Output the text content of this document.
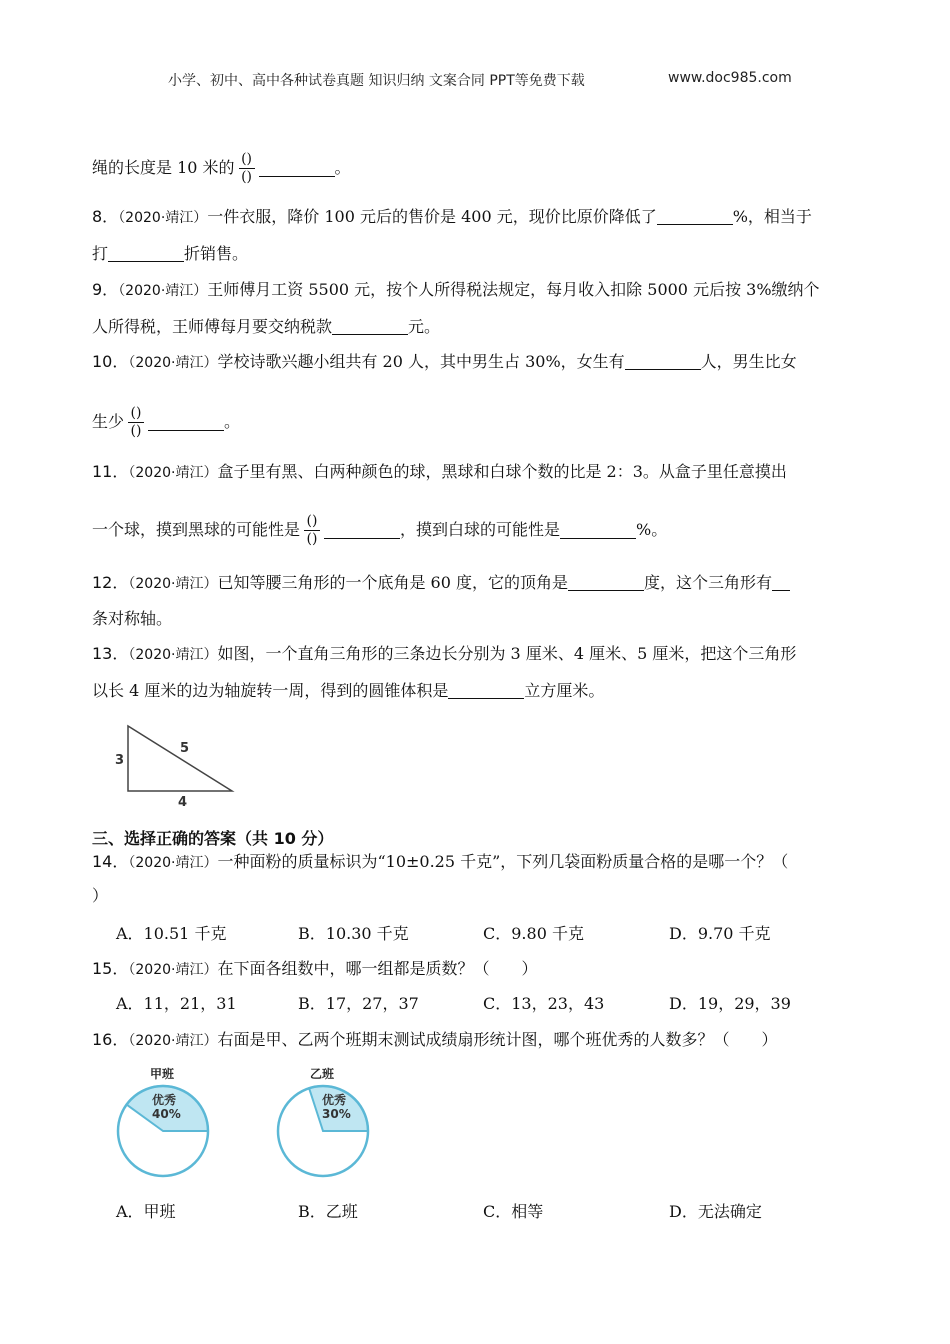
小学、初中、高中各种试卷真题 知识归纳 文案合同 PPT等免费下载	www.doc985.com
绳的长度是 10 米的 $\frac{()}{()}$	。
8．（2020·靖江）一件衣服，降价 100 元后的售价是 400 元，现价比原价降低了	%，相当于
打	折销售。
9．（2020·靖江）王师傅月工资 5500 元，按个人所得税法规定，每月收入扣除 5000 元后按 3%缴纳个
人所得税，王师傅每月要交纳税款	元。
10．（2020·靖江）学校诗歌兴趣小组共有 20 人，其中男生占 30%，女生有	人，男生比女
生少 $\frac{()}{()}$	。
11．（2020·靖江）盒子里有黑、白两种颜色的球，黑球和白球个数的比是 2：3。从盒子里任意摸出
一个球，摸到黑球的可能性是 $\frac{()}{()}$	，摸到白球的可能性是	%。
12．（2020·靖江）已知等腰三角形的一个底角是 60 度，它的顶角是	度，这个三角形有
条对称轴。
13．（2020·靖江）如图，一个直角三角形的三条边长分别为 3 厘米、4 厘米、5 厘米，把这个三角形
以长 4 厘米的边为轴旋转一周，得到的圆锥体积是	立方厘米。
3
5
4
三、选择正确的答案（共 10 分）
14．（2020·靖江）一种面粉的质量标识为“10±0.25 千克”，下列几袋面粉质量合格的是哪一个？（
）
A．10.51 千克	B．10.30 千克	C．9.80 千克	D．9.70 千克
15．（2020·靖江）在下面各组数中，哪一组都是质数？（　　）
A．11，21，31	B．17，27，37	C．13，23，43	D．19，29，39
16．（2020·靖江）右面是甲、乙两个班期末测试成绩扇形统计图，哪个班优秀的人数多？（　　）
甲班
优秀
40%
乙班
优秀
30%
A．甲班	B．乙班	C．相等	D．无法确定
